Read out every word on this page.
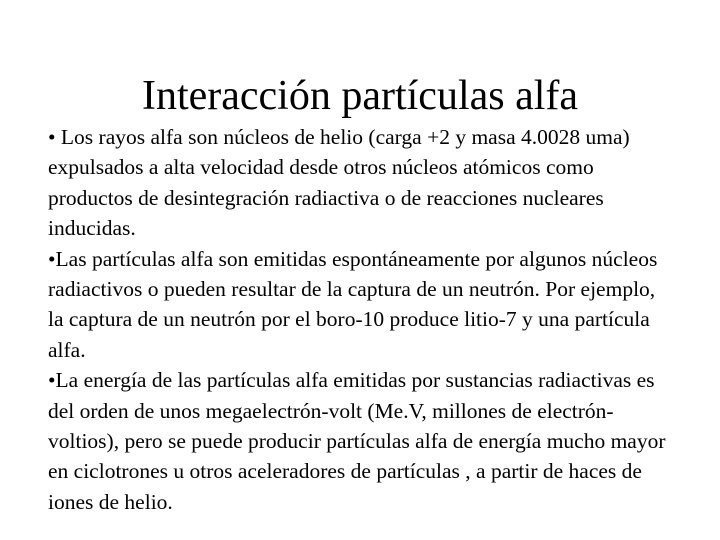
Interacción partículas alfa
• Los rayos alfa son núcleos de helio (carga +2 y masa 4.0028 uma) expulsados a alta velocidad desde otros núcleos atómicos como productos de desintegración radiactiva o de reacciones nucleares inducidas.
•Las partículas alfa son emitidas espontáneamente por algunos núcleos radiactivos o pueden resultar de la captura de un neutrón. Por ejemplo, la captura de un neutrón por el boro-10 produce litio-7 y una partícula alfa.
•La energía de las partículas alfa emitidas por sustancias radiactivas es del orden de unos megaelectrón-volt (Me.V, millones de electrón-voltios), pero se puede producir partículas alfa de energía mucho mayor en ciclotrones u otros aceleradores de partículas , a partir de haces de iones de helio.
